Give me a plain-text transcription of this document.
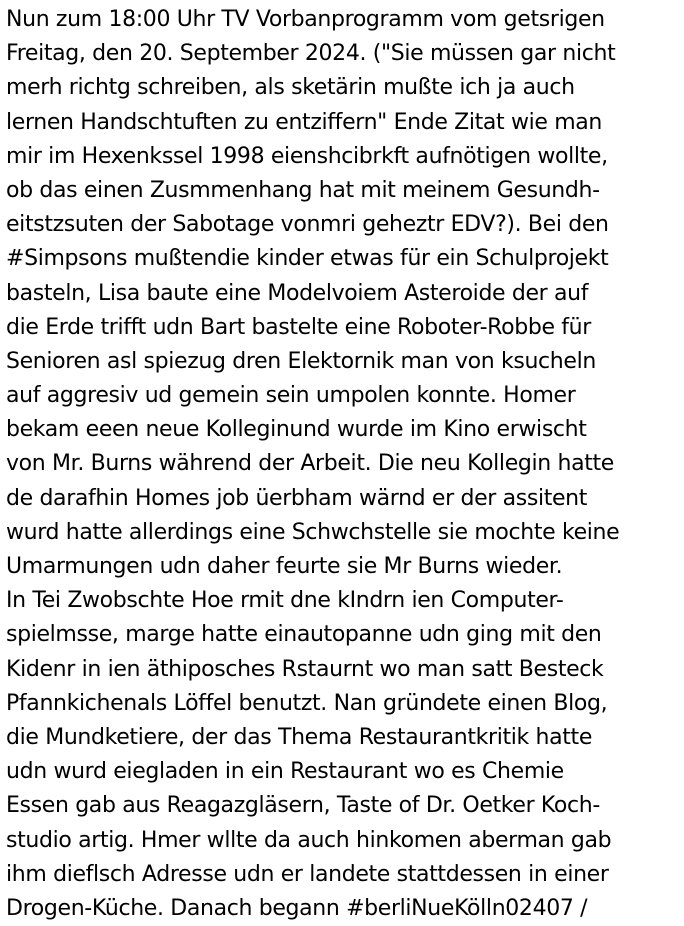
Nun zum 18:00 Uhr TV Vorbanprogramm vom getsrigen
Freitag, den 20. September 2024. ("Sie müssen gar nicht
merh richtg schreiben, als sketärin mußte ich ja auch
lernen Handschtuften zu entziffern" Ende Zitat wie man
mir im Hexenkssel 1998 eienshcibrkft aufnötigen wollte,
ob das einen Zusmmenhang hat mit meinem Gesundh-
eitstzsuten der Sabotage vonmri geheztr EDV?). Bei den
#Simpsons mußtendie kinder etwas für ein Schulprojekt
basteln, Lisa baute eine Modelvoiem Asteroide der auf
die Erde trifft udn Bart bastelte eine Roboter-Robbe für
Senioren asl spiezug dren Elektornik man von ksucheln
auf aggresiv ud gemein sein umpolen konnte. Homer
bekam eeen neue Kolleginund wurde im Kino erwischt
von Mr. Burns während der Arbeit. Die neu Kollegin hatte
de darafhin Homes job üerbham wärnd er der assitent
wurd hatte allerdings eine Schwchstelle sie mochte keine
Umarmungen udn daher feurte sie Mr Burns wieder.
In Tei Zwobschte Hoe rmit dne kIndrn ien Computer-
spielmsse, marge hatte einautopanne udn ging mit den
Kidenr in ien äthiposches Rstaurnt wo man satt Besteck
Pfannkichenals Löffel benutzt. Nan gründete einen Blog,
die Mundketiere, der das Thema Restaurantkritik hatte
udn wurd eiegladen in ein Restaurant wo es Chemie
Essen gab aus Reagazgläsern, Taste of Dr. Oetker Koch-
studio artig. Hmer wllte da auch hinkomen aberman gab
ihm dieflsch Adresse udn er landete stattdessen in einer
Drogen-Küche. Danach begann #berliNueKölln02407 /
